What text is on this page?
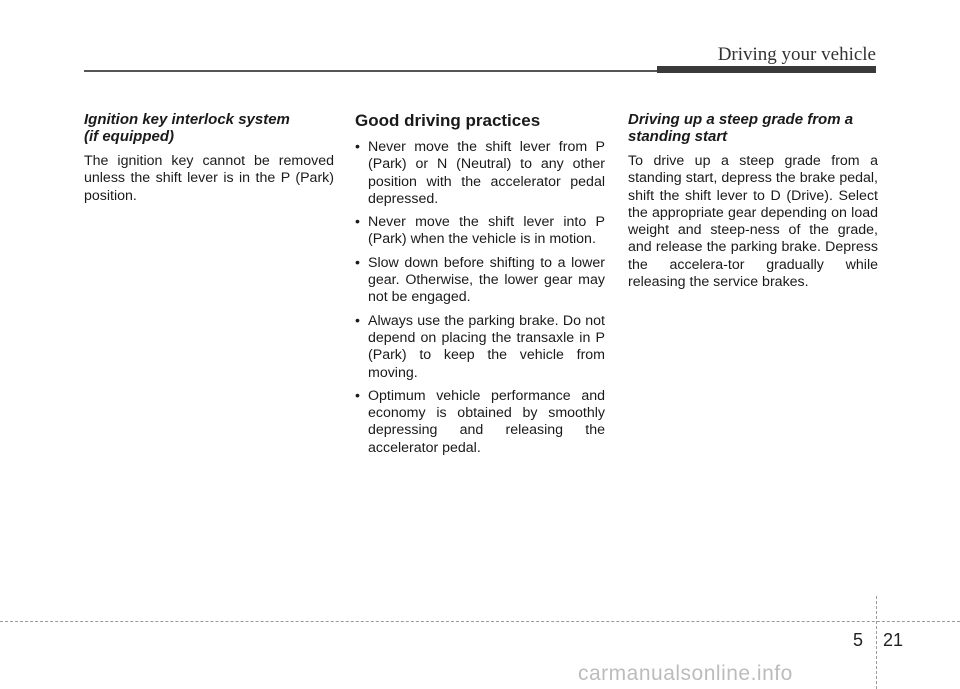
Driving your vehicle
Ignition key interlock system
(if equipped)

The ignition key cannot be removed unless the shift lever is in the P (Park) position.

Good driving practices
• Never move the shift lever from P (Park) or N (Neutral) to any other position with the accelerator pedal depressed.
• Never move the shift lever into P (Park) when the vehicle is in motion.
• Slow down before shifting to a lower gear. Otherwise, the lower gear may not be engaged.
• Always use the parking brake. Do not depend on placing the transaxle in P (Park) to keep the vehicle from moving.
• Optimum vehicle performance and economy is obtained by smoothly depressing and releasing the accelerator pedal.
Driving up a steep grade from a
standing start

To drive up a steep grade from a standing start, depress the brake pedal, shift the shift lever to D (Drive). Select the appropriate gear depending on load weight and steep-ness of the grade, and release the parking brake. Depress the accelera-tor gradually while releasing the service brakes.

5 21
carmanualsonline.info
